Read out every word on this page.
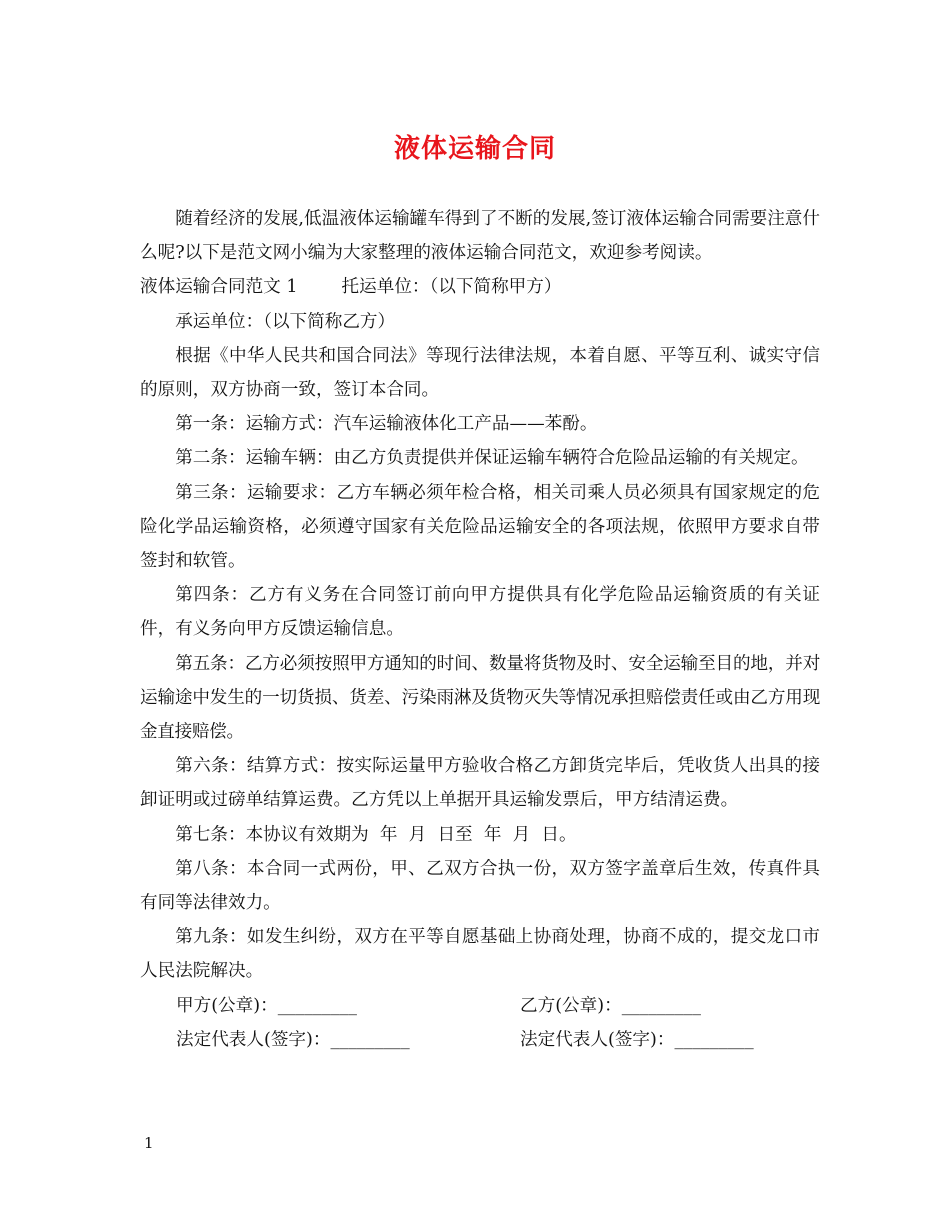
液体运输合同

随着经济的发展,低温液体运输罐车得到了不断的发展,签订液体运输合同需要注意什么呢?以下是范文网小编为大家整理的液体运输合同范文，欢迎参考阅读。

液体运输合同范文 1	托运单位：（以下简称甲方）

承运单位：（以下简称乙方）

根据《中华人民共和国合同法》等现行法律法规，本着自愿、平等互利、诚实守信的原则，双方协商一致，签订本合同。

第一条：运输方式：汽车运输液体化工产品——苯酚。

第二条：运输车辆：由乙方负责提供并保证运输车辆符合危险品运输的有关规定。

第三条：运输要求：乙方车辆必须年检合格，相关司乘人员必须具有国家规定的危险化学品运输资格，必须遵守国家有关危险品运输安全的各项法规，依照甲方要求自带签封和软管。

第四条：乙方有义务在合同签订前向甲方提供具有化学危险品运输资质的有关证件，有义务向甲方反馈运输信息。

第五条：乙方必须按照甲方通知的时间、数量将货物及时、安全运输至目的地，并对运输途中发生的一切货损、货差、污染雨淋及货物灭失等情况承担赔偿责任或由乙方用现金直接赔偿。

第六条：结算方式：按实际运量甲方验收合格乙方卸货完毕后，凭收货人出具的接卸证明或过磅单结算运费。乙方凭以上单据开具运输发票后，甲方结清运费。

第七条：本协议有效期为  年  月  日至  年  月  日。

第八条：本合同一式两份，甲、乙双方合执一份，双方签字盖章后生效，传真件具有同等法律效力。

第九条：如发生纠纷，双方在平等自愿基础上协商处理，协商不成的，提交龙口市人民法院解决。

甲方(公章)：_________	乙方(公章)：_________
法定代表人(签字)：_________	法定代表人(签字)：_________
1
